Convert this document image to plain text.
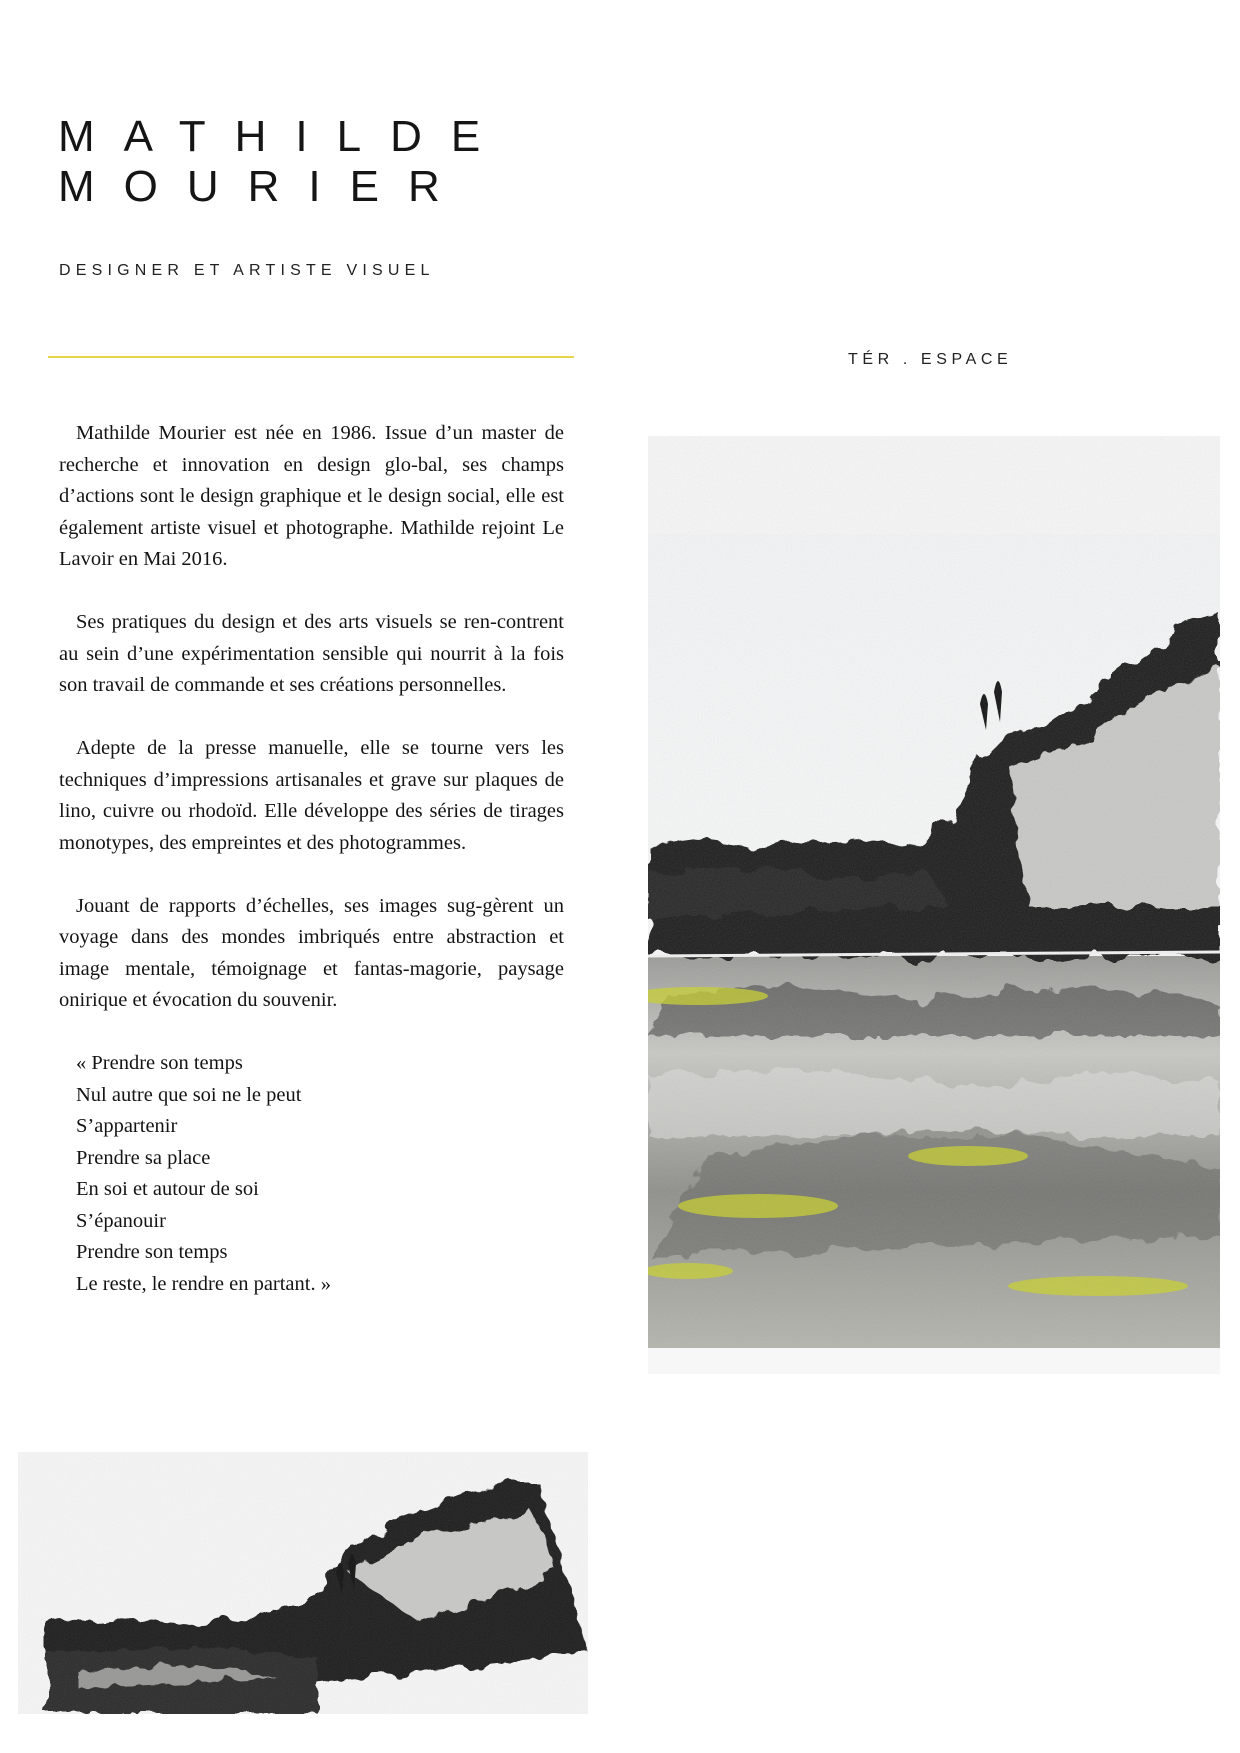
MATHILDE
MOURIER

DESIGNER ET ARTISTE VISUEL

TÉR . ESPACE

Mathilde Mourier est née en 1986. Issue d’un master de recherche et innovation en design glo-bal, ses champs d’actions sont le design graphique et le design social, elle est également artiste visuel et photographe. Mathilde rejoint Le Lavoir en Mai 2016.

Ses pratiques du design et des arts visuels se ren-contrent au sein d’une expérimentation sensible qui nourrit à la fois son travail de commande et ses créations personnelles.

Adepte de la presse manuelle, elle se tourne vers les techniques d’impressions artisanales et grave sur plaques de lino, cuivre ou rhodoïd. Elle développe des séries de tirages monotypes, des empreintes et des photogrammes.

Jouant de rapports d’échelles, ses images sug-gèrent un voyage dans des mondes imbriqués entre abstraction et image mentale, témoignage et fantas-magorie, paysage onirique et évocation du souvenir.

« Prendre son temps
Nul autre que soi ne le peut
S’appartenir
Prendre sa place
En soi et autour de soi
S’épanouir
Prendre son temps
Le reste, le rendre en partant. »
